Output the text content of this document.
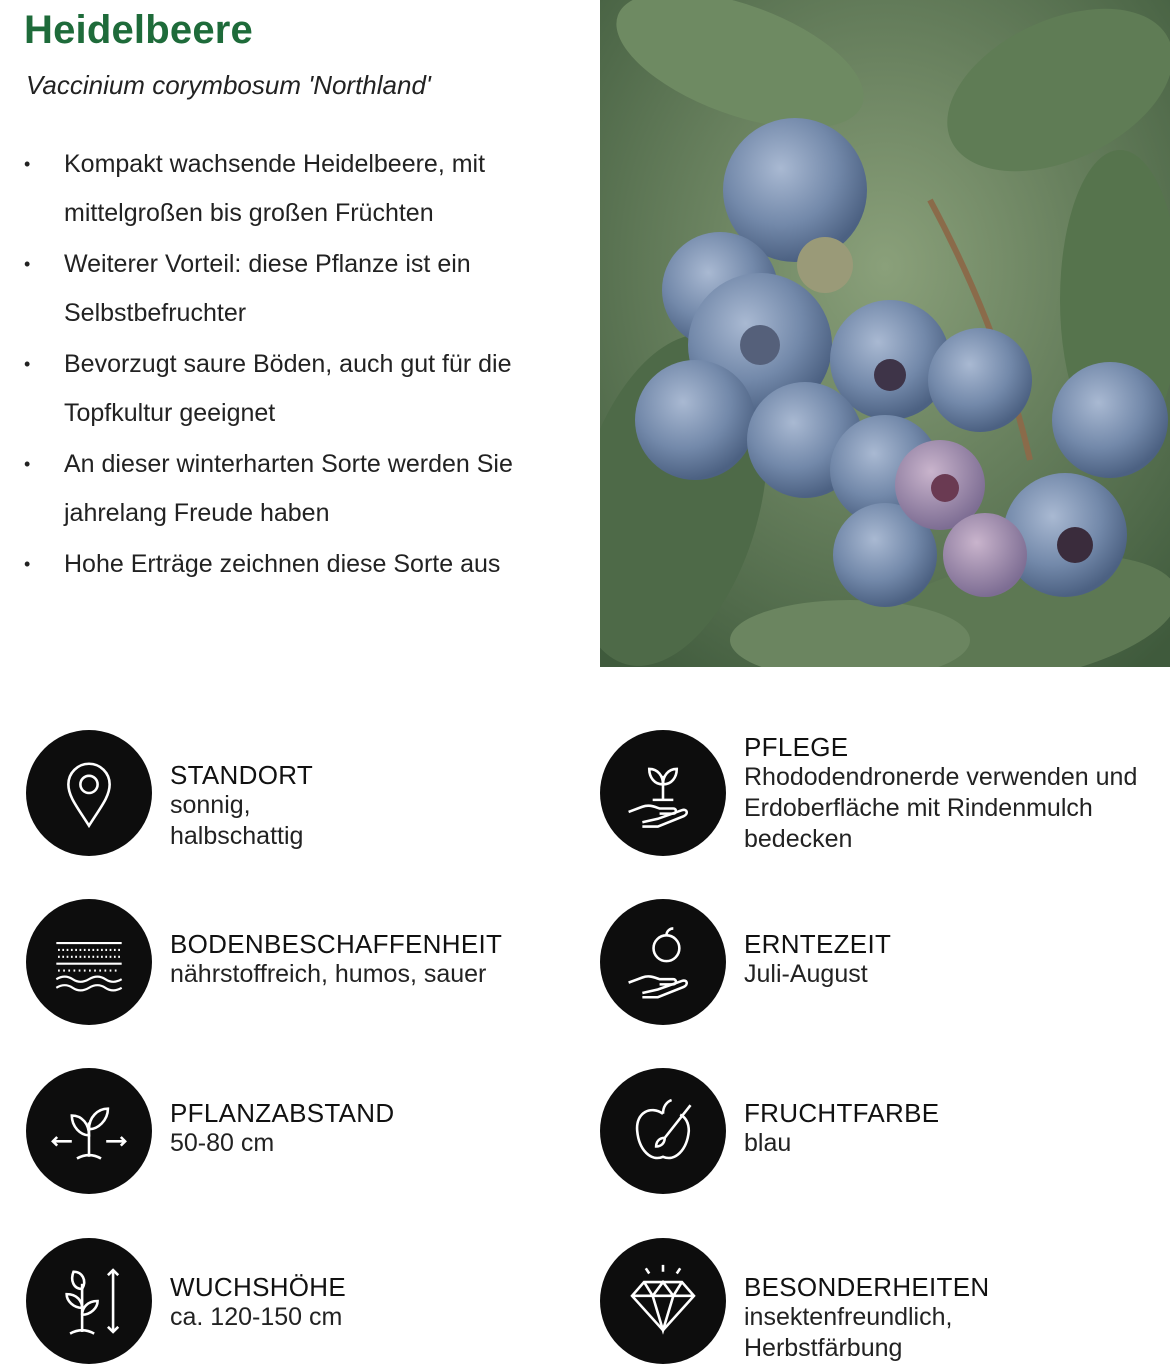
Heidelbeere

Vaccinium corymbosum 'Northland'

• Kompakt wachsende Heidelbeere, mit mittelgroßen bis großen Früchten
• Weiterer Vorteil: diese Pflanze ist ein Selbstbefruchter
• Bevorzugt saure Böden, auch gut für die Topfkultur geeignet
• An dieser winterharten Sorte werden Sie jahrelang Freude haben
• Hohe Erträge zeichnen diese Sorte aus
STANDORT
sonnig, halbschattig
BODENBESCHAFFENHEIT
nährstoffreich, humos, sauer
PFLANZABSTAND
50-80 cm
WUCHSHÖHE
ca. 120-150 cm
PFLEGE
Rhododendronerde verwenden und Erdoberfläche mit Rindenmulch bedecken
ERNTEZEIT
Juli-August
FRUCHTFARBE
blau
BESONDERHEITEN
insektenfreundlich, Herbstfärbung
